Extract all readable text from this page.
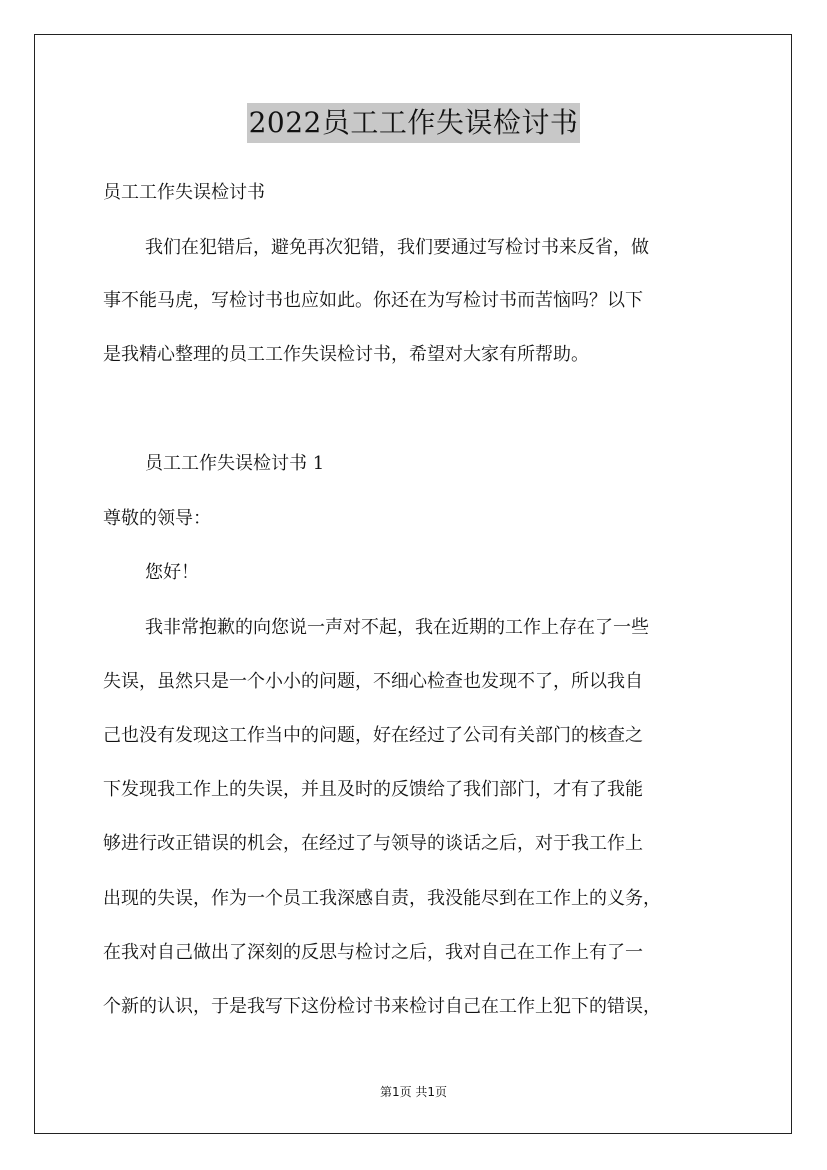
2022员工工作失误检讨书
员工工作失误检讨书
我们在犯错后，避免再次犯错，我们要通过写检讨书来反省，做
事不能马虎，写检讨书也应如此。你还在为写检讨书而苦恼吗？以下
是我精心整理的员工工作失误检讨书，希望对大家有所帮助。
员工工作失误检讨书 1
尊敬的领导：
您好！
我非常抱歉的向您说一声对不起，我在近期的工作上存在了一些
失误，虽然只是一个小小的问题，不细心检查也发现不了，所以我自
己也没有发现这工作当中的问题，好在经过了公司有关部门的核查之
下发现我工作上的失误，并且及时的反馈给了我们部门，才有了我能
够进行改正错误的机会，在经过了与领导的谈话之后，对于我工作上
出现的失误，作为一个员工我深感自责，我没能尽到在工作上的义务，
在我对自己做出了深刻的反思与检讨之后，我对自己在工作上有了一
个新的认识，于是我写下这份检讨书来检讨自己在工作上犯下的错误，
第1页 共1页
